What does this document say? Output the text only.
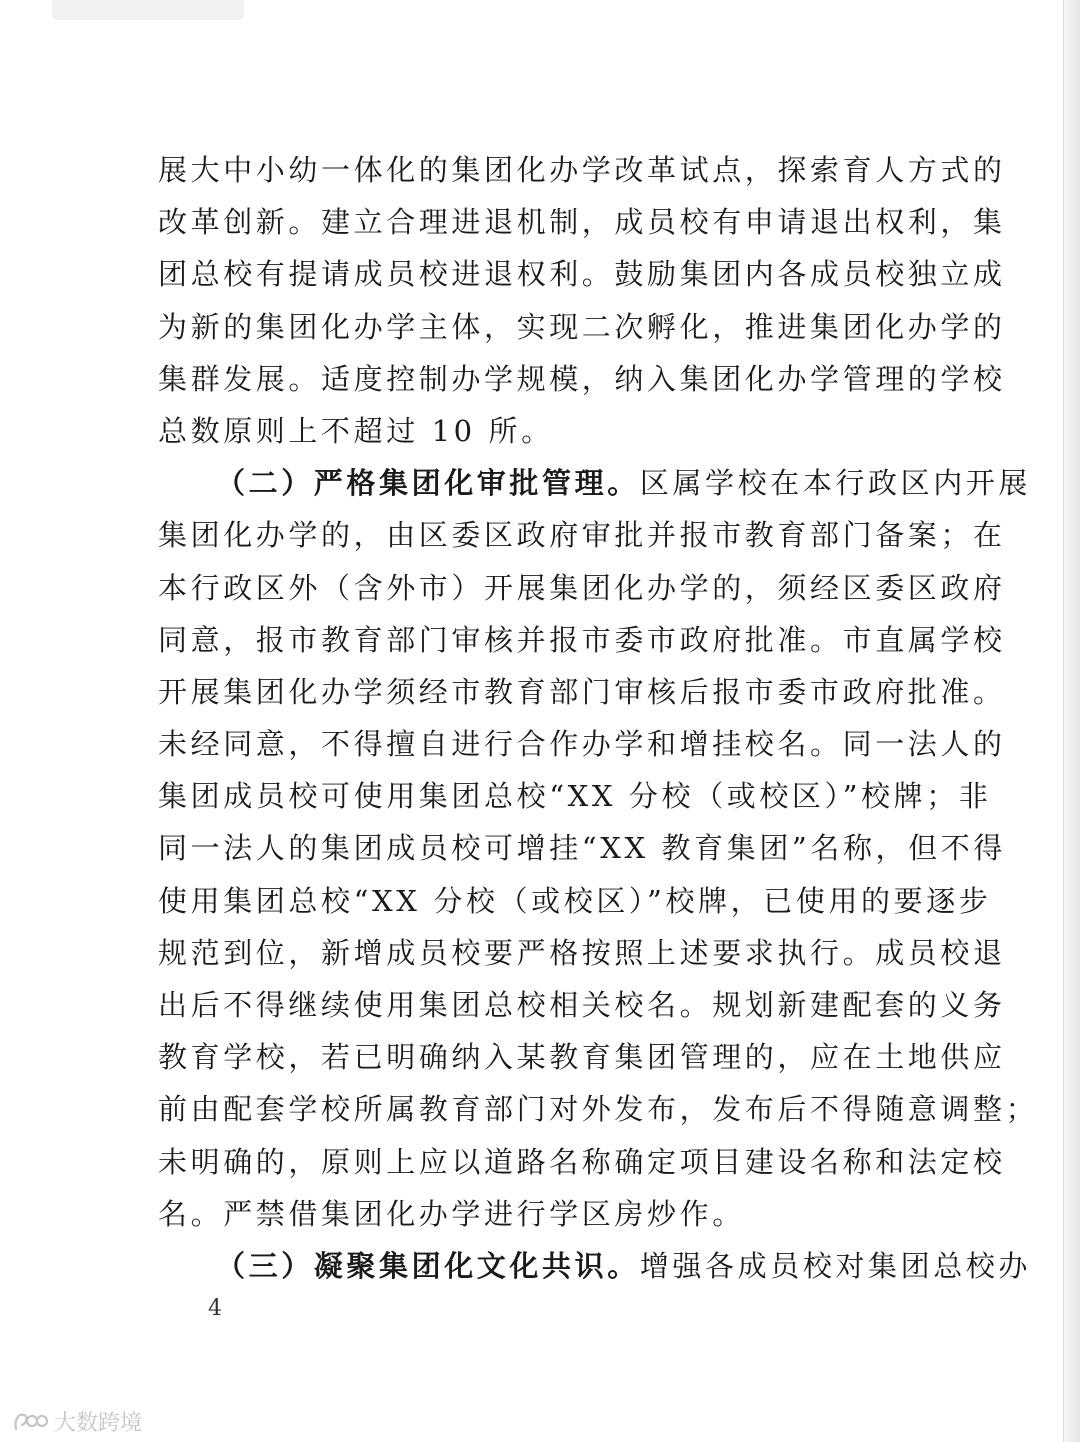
展大中小幼一体化的集团化办学改革试点，探索育人方式的
改革创新。建立合理进退机制，成员校有申请退出权利，集
团总校有提请成员校进退权利。鼓励集团内各成员校独立成
为新的集团化办学主体，实现二次孵化，推进集团化办学的
集群发展。适度控制办学规模，纳入集团化办学管理的学校
总数原则上不超过 10 所。
（二）严格集团化审批管理。区属学校在本行政区内开展
集团化办学的，由区委区政府审批并报市教育部门备案；在
本行政区外（含外市）开展集团化办学的，须经区委区政府
同意，报市教育部门审核并报市委市政府批准。市直属学校
开展集团化办学须经市教育部门审核后报市委市政府批准。
未经同意，不得擅自进行合作办学和增挂校名。同一法人的
集团成员校可使用集团总校“XX 分校（或校区）”校牌；非
同一法人的集团成员校可增挂“XX 教育集团”名称，但不得
使用集团总校“XX 分校（或校区）”校牌，已使用的要逐步
规范到位，新增成员校要严格按照上述要求执行。成员校退
出后不得继续使用集团总校相关校名。规划新建配套的义务
教育学校，若已明确纳入某教育集团管理的，应在土地供应
前由配套学校所属教育部门对外发布，发布后不得随意调整；
未明确的，原则上应以道路名称确定项目建设名称和法定校
名。严禁借集团化办学进行学区房炒作。
（三）凝聚集团化文化共识。增强各成员校对集团总校办
4
大数跨境
